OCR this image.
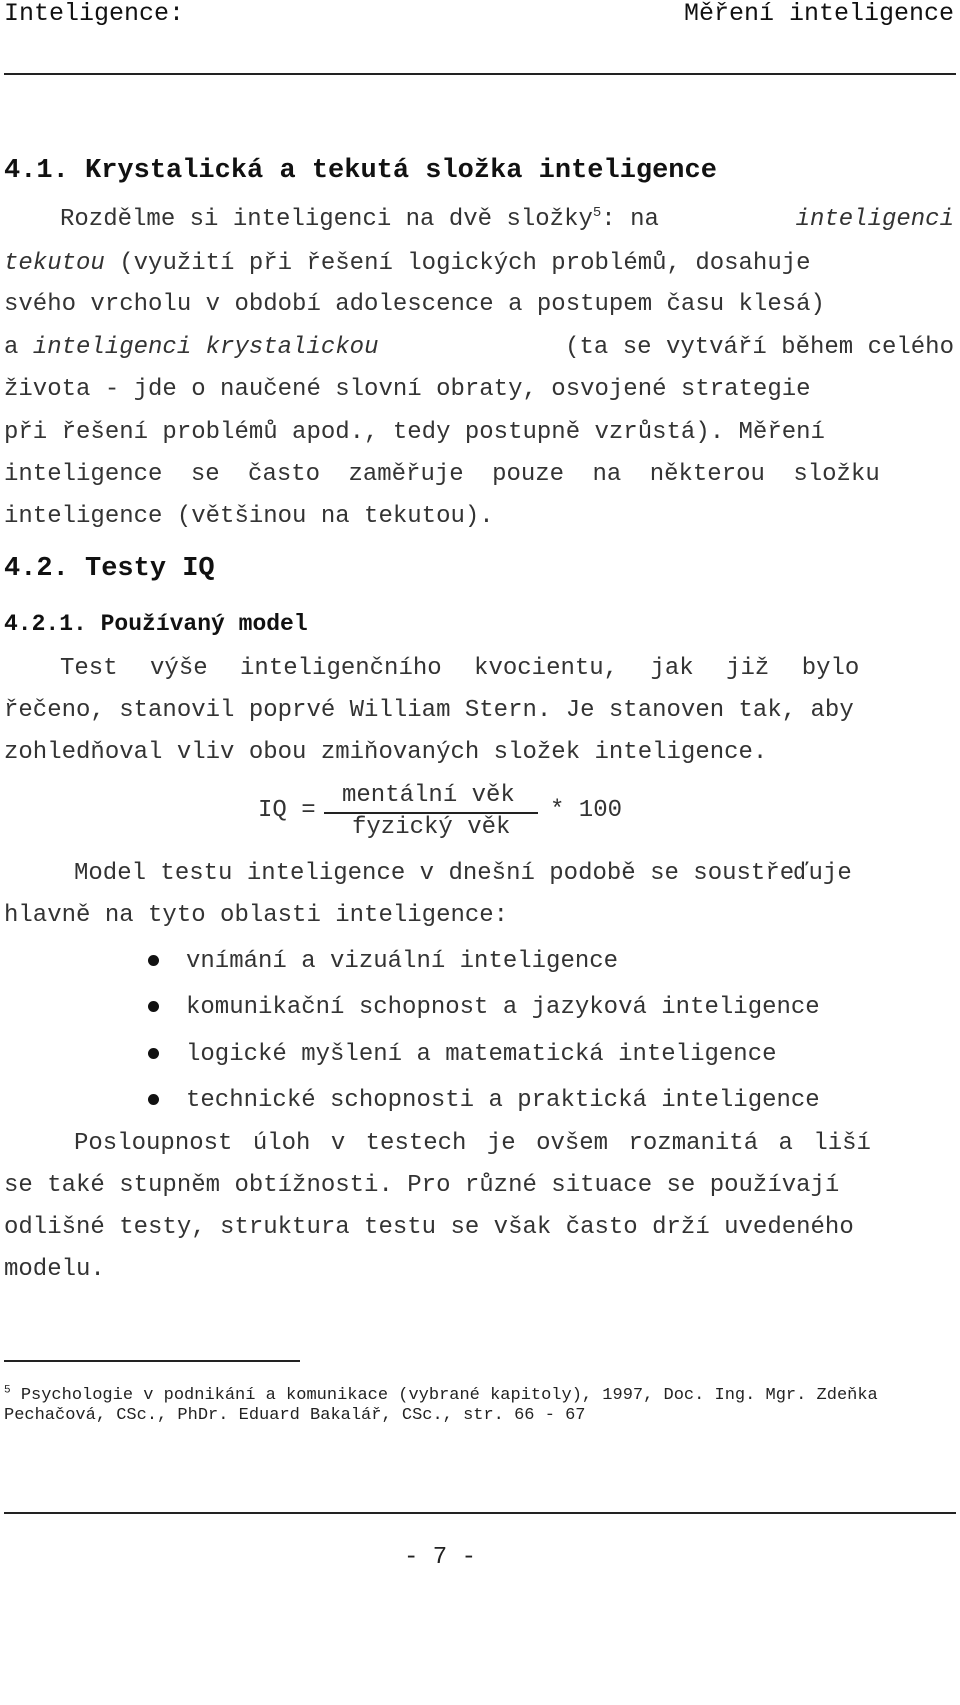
Inteligence:	Měření inteligence
4.1. Krystalická a tekutá složka inteligence
Rozdělme si inteligenci na dvě složky$^5$: na	inteligenci
tekutou (využití při řešení logických problémů, dosahuje
svého vrcholu v období adolescence a postupem času klesá)
a inteligenci krystalickou	(ta se vytváří během celého
života - jde o naučené slovní obraty, osvojené strategie
při řešení problémů apod., tedy postupně vzrůstá). Měření
inteligence se často zaměřuje pouze na některou složku
inteligence (většinou na tekutou).
4.2. Testy IQ
4.2.1. Používaný model
Test výše inteligenčního kvocientu, jak již bylo
řečeno, stanovil poprvé William Stern. Je stanoven tak, aby
zohledňoval vliv obou zmiňovaných složek inteligence.
IQ =
mentální věk
fyzický věk
* 100
Model testu inteligence v dnešní podobě se soustřeďuje
hlavně na tyto oblasti inteligence:
vnímání a vizuální inteligence
komunikační schopnost a jazyková inteligence
logické myšlení a matematická inteligence
technické schopnosti a praktická inteligence
Posloupnost úloh v testech je ovšem rozmanitá a liší
se také stupněm obtížnosti. Pro různé situace se používají
odlišné testy, struktura testu se však často drží uvedeného
modelu.
$^5$ Psychologie v podnikání a komunikace (vybrané kapitoly), 1997, Doc. Ing. Mgr. Zdeňka
Pechačová, CSc., PhDr. Eduard Bakalář, CSc., str. 66 - 67
- 7 -
